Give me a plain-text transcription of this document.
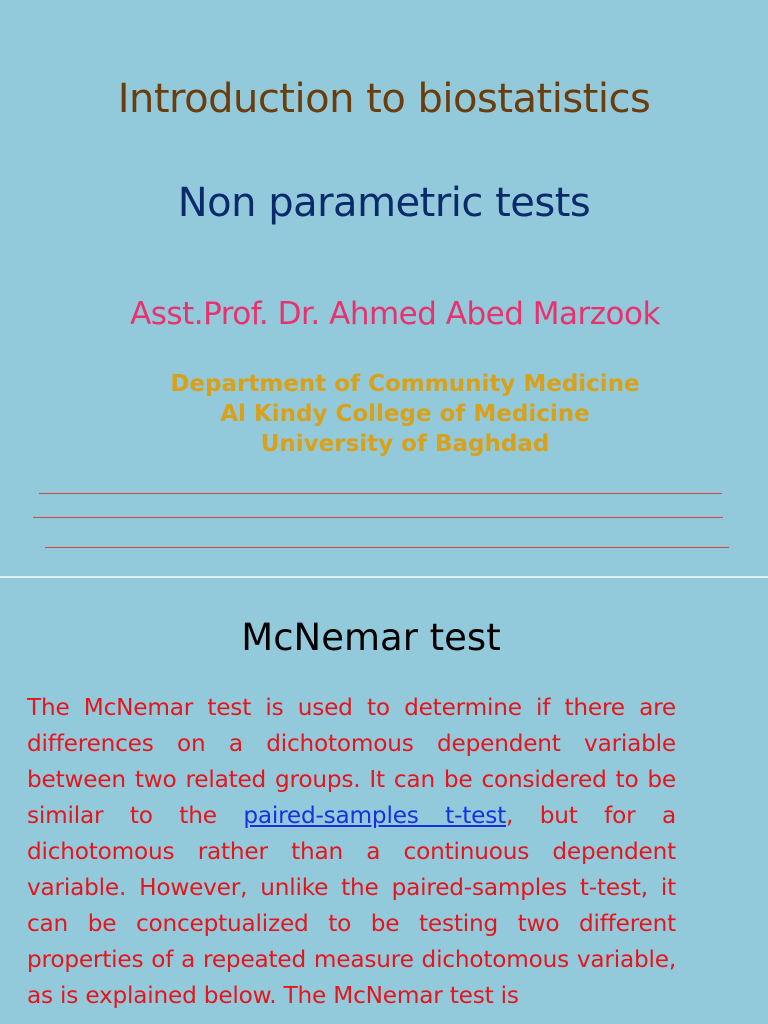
Introduction to biostatistics
Non parametric tests
Asst.Prof. Dr. Ahmed Abed Marzook
Department of Community Medicine
Al Kindy College of Medicine
University of Baghdad
McNemar test
The McNemar test is used to determine if there are differences on a dichotomous dependent variable between two related groups. It can be considered to be similar to the paired-samples t-test, but for a dichotomous rather than a continuous dependent variable. However, unlike the paired-samples t-test, it can be conceptualized to be testing two different properties of a repeated measure dichotomous variable, as is explained below. The McNemar test is
